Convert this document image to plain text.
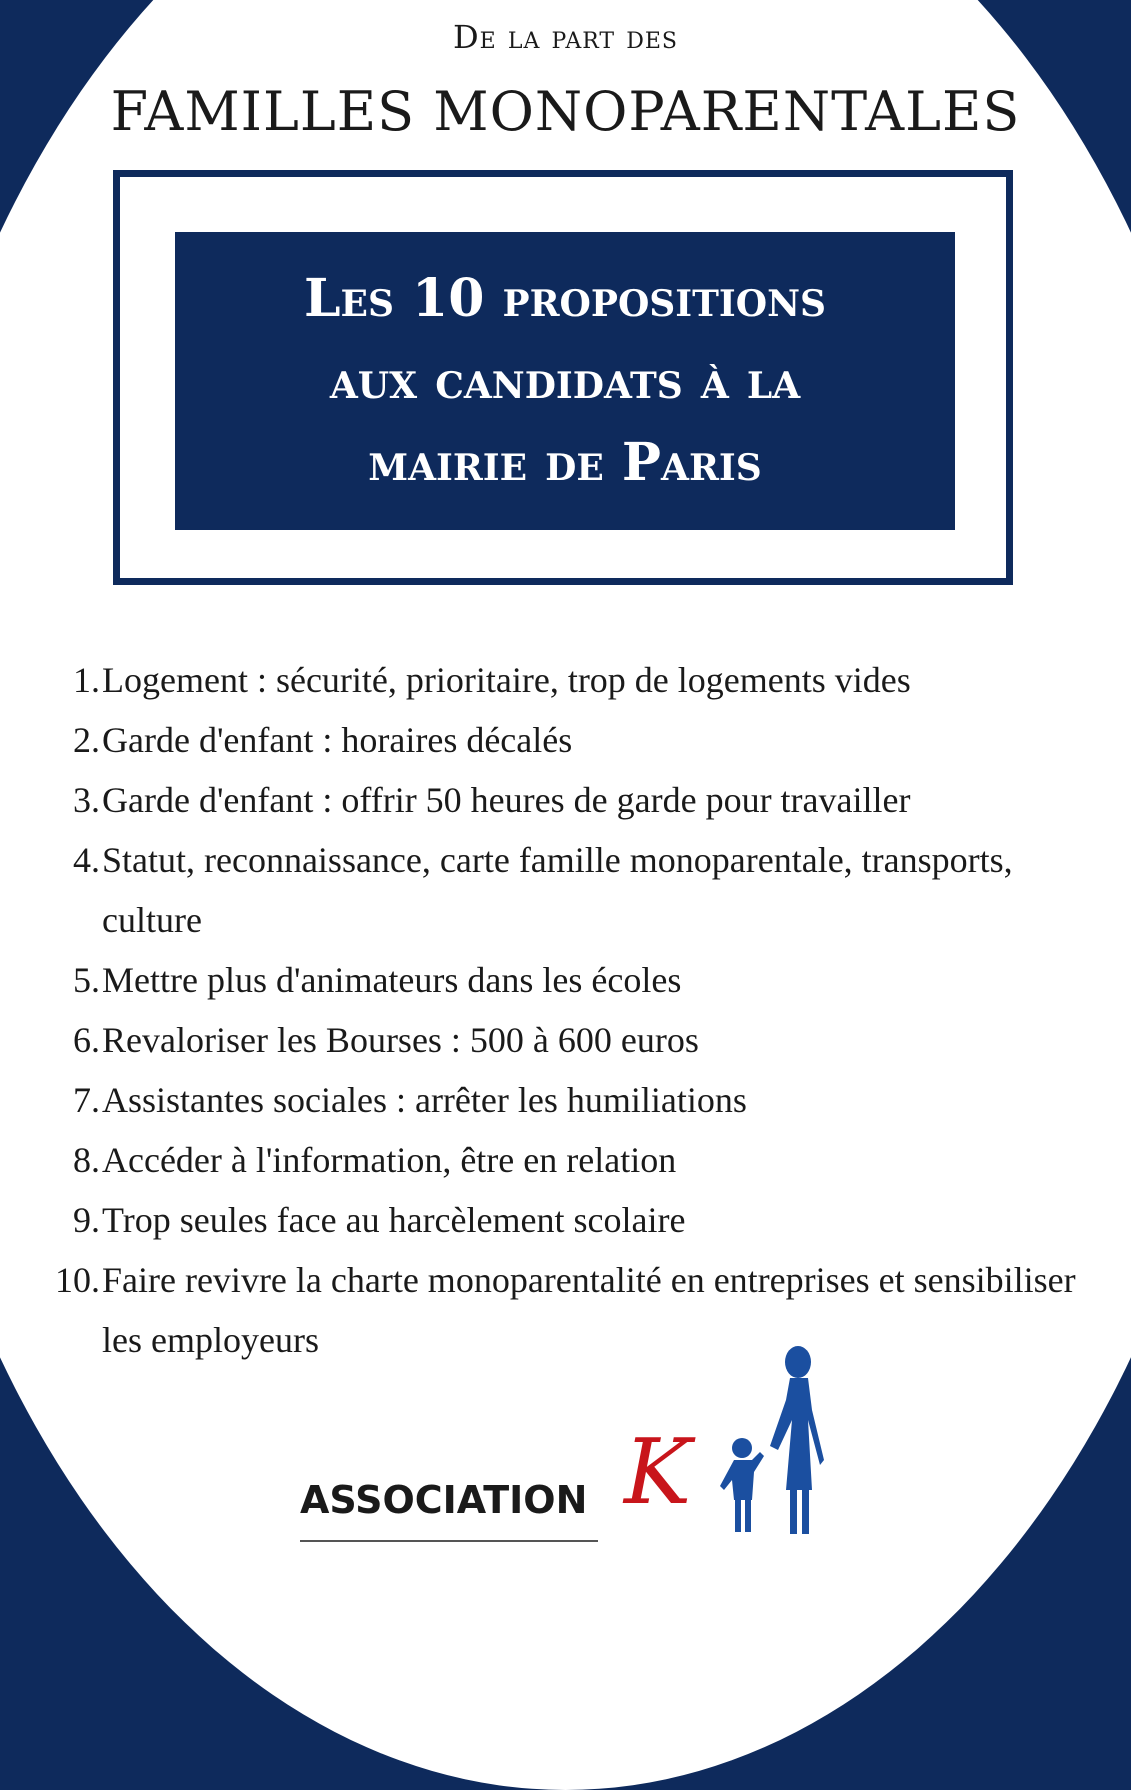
De la part des
FAMILLES MONOPARENTALES

Les 10 propositions
aux candidats à la
mairie de Paris

1. Logement : sécurité, prioritaire, trop de logements vides
2. Garde d'enfant : horaires décalés
3. Garde d'enfant : offrir 50 heures de garde pour travailler
4. Statut, reconnaissance, carte famille monoparentale, transports, culture
5. Mettre plus d'animateurs dans les écoles
6. Revaloriser les Bourses : 500 à 600 euros
7. Assistantes sociales : arrêter les humiliations
8. Accéder à l'information, être en relation
9. Trop seules face au harcèlement scolaire
10. Faire revivre la charte monoparentalité en entreprises et sensibiliser les employeurs
ASSOCIATION K
